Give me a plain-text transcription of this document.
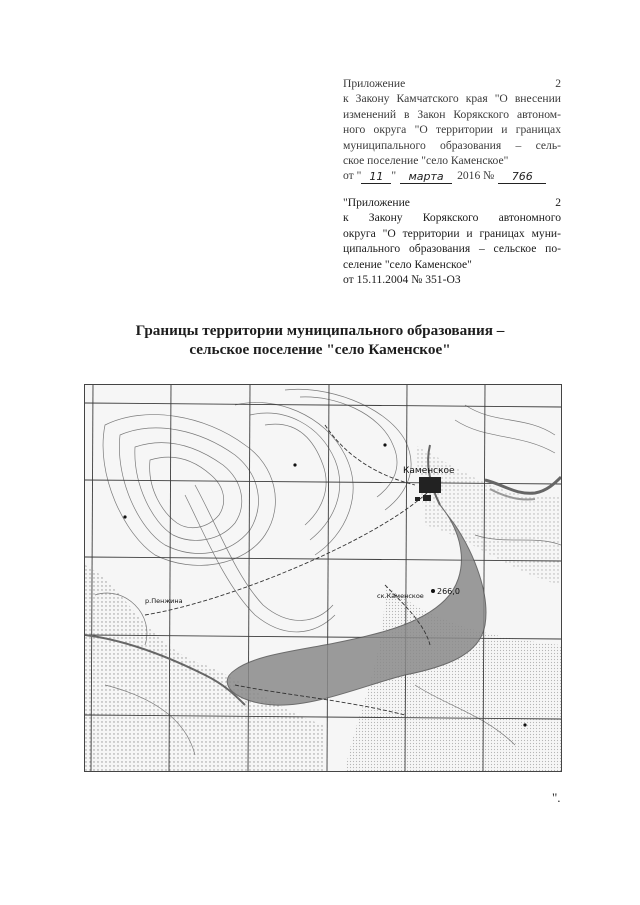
Приложение 2
к Закону Камчатского края "О внесении
изменений в Закон Корякского автоном-
ного округа "О территории и границах
муниципального образования – сель-
ское поселение "село Каменское"
от " 11 "	марта	2016 №	766
"Приложение 2
к Закону Корякского автономного
округа "О территории и границах муни-
ципального образования – сельское по-
селение "село Каменское"
от 15.11.2004 № 351-ОЗ
Границы территории муниципального образования –
сельское поселение "село Каменское"
Каменское
266,0
ск.Каменское
р.Пенжина
".
